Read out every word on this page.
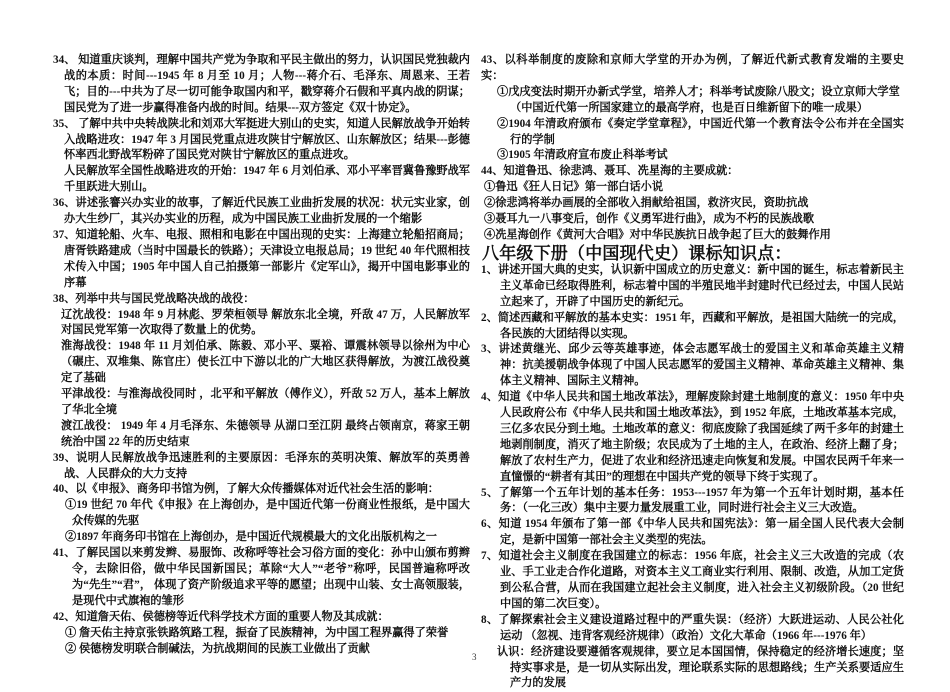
34、 知道重庆谈判，理解中国共产党为争取和平民主做出的努力，认识国民党独裁内战的本质：时间---1945 年 8 月至 10 月；人物---蒋介石、毛泽东、周恩来、王若飞；目的---中共为了尽一切可能争取国内和平，戳穿蒋介石假和平真内战的阴谋；国民党为了进一步赢得准备内战的时间。结果---双方签定《双十协定》。

35、 了解中共中央转战陕北和刘邓大军挺进大别山的史实，知道人民解放战争开始转入战略进攻：1947 年 3 月国民党重点进攻陕甘宁解放区、山东解放区；结果---彭德怀率西北野战军粉碎了国民党对陕甘宁解放区的重点进攻。

人民解放军全国性战略进攻的开始：1947 年 6 月刘伯承、邓小平率晋冀鲁豫野战军千里跃进大别山。

36、讲述张謇兴办实业的故事，了解近代民族工业曲折发展的状况：状元实业家，创办大生纱厂，其兴办实业的历程，成为中国民族工业曲折发展的一个缩影

37、知道轮船、火车、电报、照相和电影在中国出现的史实：上海建立轮船招商局；唐胥铁路建成（当时中国最长的铁路）；天津设立电报总局；19 世纪 40 年代照相技术传入中国；1905 年中国人自己拍摄第一部影片《定军山》，揭开中国电影事业的序幕

38、列举中共与国民党战略决战的战役：

辽沈战役：1948 年 9 月林彪、罗荣桓领导 解放东北全境，歼敌 47 万，人民解放军对国民党军第一次取得了数量上的优势。

淮海战役：1948 年 11 月刘伯承、陈毅、邓小平、粟裕、谭震林领导以徐州为中心（碾庄、双堆集、陈官庄）使长江中下游以北的广大地区获得解放，为渡江战役奠定了基础

平津战役：与淮海战役同时 ，北平和平解放（傅作义），歼敌 52 万人，基本上解放了华北全境

渡江战役： 1949 年 4 月毛泽东、朱德领导 从湖口至江阴 最终占领南京，蒋家王朝统治中国 22 年的历史结束

39、说明人民解放战争迅速胜利的主要原因：毛泽东的英明决策、解放军的英勇善战、人民群众的大力支持

40、以《申报》、商务印书馆为例，了解大众传播媒体对近代社会生活的影响：

①19 世纪 70 年代《申报》在上海创办，是中国近代第一份商业性报纸，是中国大众传媒的先驱

②1897 年商务印书馆在上海创办，是中国近代规模最大的文化出版机构之一

41、了解民国以来剪发辫、易服饰、改称呼等社会习俗方面的变化：孙中山颁布剪辫令，去除旧俗，做中华民国新国民；革除“大人”“老爷”称呼，民国普遍称呼改为“先生”“君”， 体现了资产阶级追求平等的愿望；出现中山装、女士高领服装，是现代中式旗袍的雏形

42、知道詹天佑、侯德榜等近代科学技术方面的重要人物及其成就：

① 詹天佑主持京张铁路筑路工程，振奋了民族精神，为中国工程界赢得了荣誉

② 侯德榜发明联合制碱法，为抗战期间的民族工业做出了贡献

43、以科举制度的废除和京师大学堂的开办为例，了解近代新式教育发端的主要史实：

①戊戌变法时期开办新式学堂，培养人才；科举考试废除八股文；设立京师大学堂

（中国近代第一所国家建立的最高学府，也是百日维新留下的唯一成果）

②1904 年清政府颁布《奏定学堂章程》，中国近代第一个教育法令公布并在全国实行的学制

③1905 年清政府宣布废止科举考试

44、知道鲁迅、徐悲鸿、聂耳、冼星海的主要成就：

①鲁迅《狂人日记》第一部白话小说

②徐悲鸿将举办画展的全部收入捐献给祖国，救济灾民，资助抗战

③聂耳九一八事变后，创作《义勇军进行曲》，成为不朽的民族战歌

④冼星海创作《黄河大合唱》对中华民族抗日战争起了巨大的鼓舞作用

八年级下册（中国现代史）课标知识点：

1、讲述开国大典的史实，认识新中国成立的历史意义：新中国的诞生，标志着新民主主义革命已经取得胜利，标志着中国的半殖民地半封建时代已经过去，中国人民站立起来了，开辟了中国历史的新纪元。

2、简述西藏和平解放的基本史实：1951 年，西藏和平解放，是祖国大陆统一的完成，各民族的大团结得以实现。

3、讲述黄继光、邱少云等英雄事迹，体会志愿军战士的爱国主义和革命英雄主义精神：抗美援朝战争体现了中国人民志愿军的爱国主义精神、革命英雄主义精神、集体主义精神、国际主义精神。

4、知道《中华人民共和国土地改革法》，理解废除封建土地制度的意义：1950 年中央人民政府公布《中华人民共和国土地改革法》，到 1952 年底，土地改革基本完成，三亿多农民分到土地。土地改革的意义：彻底废除了我国延续了两千多年的封建土地剥削制度，消灭了地主阶级；农民成为了土地的主人，在政治、经济上翻了身；解放了农村生产力，促进了农业和经济迅速走向恢复和发展。中国农民两千年来一直憧憬的“耕者有其田”的理想在中国共产党的领导下终于实现了。

5、了解第一个五年计划的基本任务：1953---1957 年为第一个五年计划时期，基本任务：（一化三改）集中主要力量发展重工业，同时进行社会主义三大改造。

6、知道 1954 年颁布了第一部《中华人民共和国宪法》：第一届全国人民代表大会制定，是新中国第一部社会主义类型的宪法。

7、知道社会主义制度在我国建立的标志：1956 年底，社会主义三大改造的完成（农业、手工业走合作化道路，对资本主义工商业实行利用、限制、改造，从加工定货到公私合营，从而在我国建立起社会主义制度，进入社会主义初级阶段。（20 世纪中国的第二次巨变）。

8、了解探索社会主义建设道路过程中的严重失误：（经济）大跃进运动、人民公社化运动 （忽视、违背客观经济规律）（政治）文化大革命（1966 年---1976 年）

认识：经济建设要遵循客观规律，要立足本国国情，保持稳定的经济增长速度；坚持实事求是，是一切从实际出发，理论联系实际的思想路线；生产关系要适应生产力的发展

3
